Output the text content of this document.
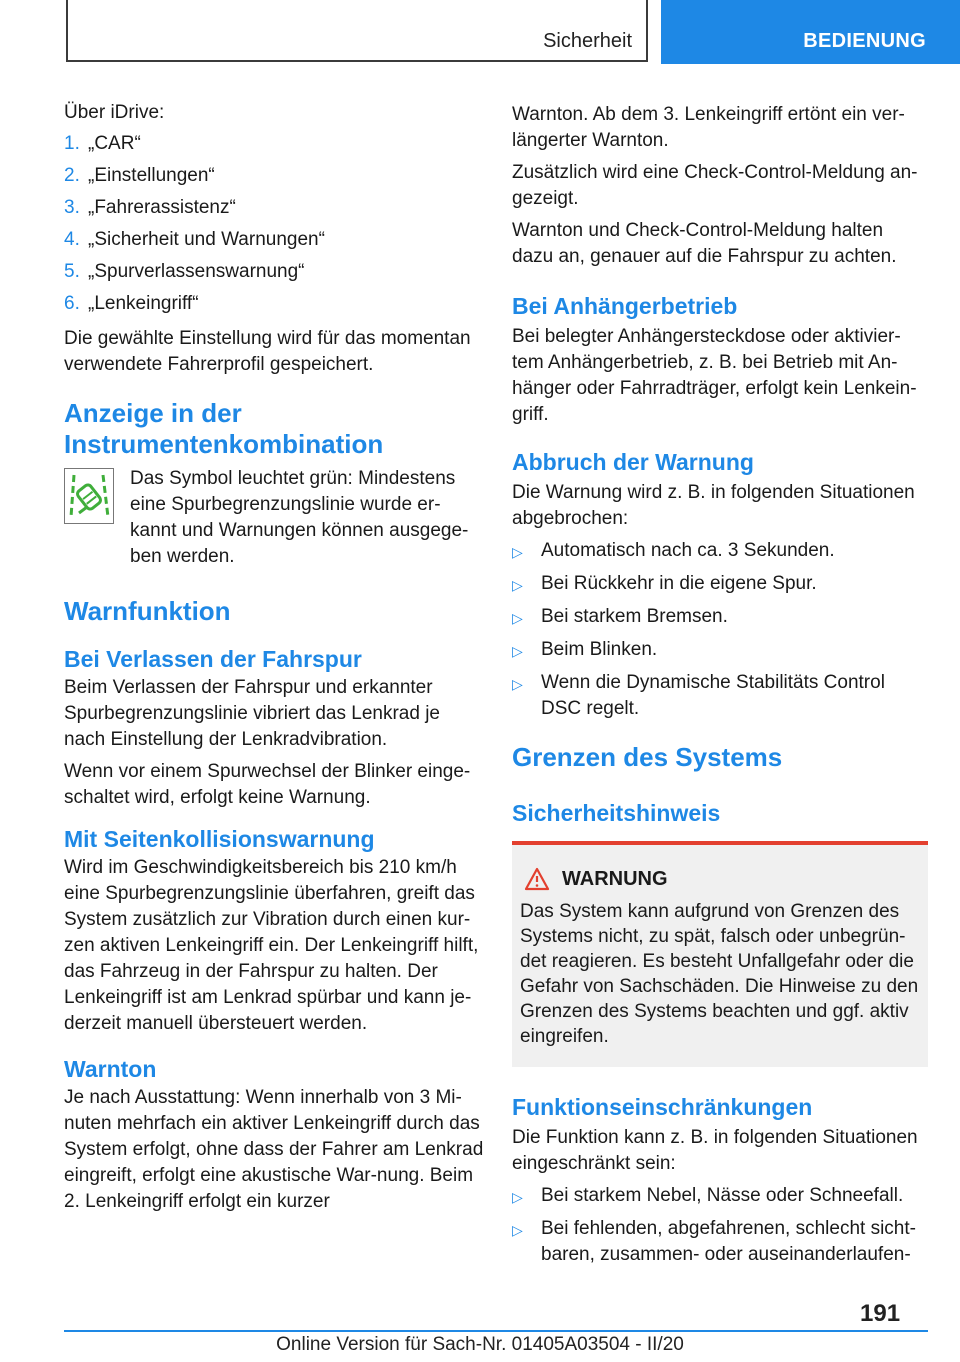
Sicherheit	BEDIENUNG

Über iDrive:

1. „CAR“
2. „Einstellungen“
3. „Fahrerassistenz“
4. „Sicherheit und Warnungen“
5. „Spurverlassenswarnung“
6. „Lenkeingriff“

Die gewählte Einstellung wird für das momentan verwendete Fahrerprofil gespeichert.

Anzeige in der Instrumentenkombination

Das Symbol leuchtet grün: Mindestens eine Spurbegrenzungslinie wurde er-kannt und Warnungen können ausgege-ben werden.

Warnfunktion
Bei Verlassen der Fahrspur

Beim Verlassen der Fahrspur und erkannter Spurbegrenzungslinie vibriert das Lenkrad je nach Einstellung der Lenkradvibration.

Wenn vor einem Spurwechsel der Blinker einge-schaltet wird, erfolgt keine Warnung.

Mit Seitenkollisionswarnung

Wird im Geschwindigkeitsbereich bis 210 km/h eine Spurbegrenzungslinie überfahren, greift das System zusätzlich zur Vibration durch einen kur-zen aktiven Lenkeingriff ein. Der Lenkeingriff hilft, das Fahrzeug in der Fahrspur zu halten. Der Lenkeingriff ist am Lenkrad spürbar und kann je-derzeit manuell übersteuert werden.

Warnton

Je nach Ausstattung: Wenn innerhalb von 3 Mi-nuten mehrfach ein aktiver Lenkeingriff durch das System erfolgt, ohne dass der Fahrer am Lenkrad eingreift, erfolgt eine akustische War-nung. Beim 2. Lenkeingriff erfolgt ein kurzer

Warnton. Ab dem 3. Lenkeingriff ertönt ein ver-längerter Warnton.

Zusätzlich wird eine Check-Control-Meldung an-gezeigt.

Warnton und Check-Control-Meldung halten dazu an, genauer auf die Fahrspur zu achten.

Bei Anhängerbetrieb

Bei belegter Anhängersteckdose oder aktivier-tem Anhängerbetrieb, z. B. bei Betrieb mit An-hänger oder Fahrradträger, erfolgt kein Lenkein-griff.

Abbruch der Warnung

Die Warnung wird z. B. in folgenden Situationen abgebrochen:

▷ Automatisch nach ca. 3 Sekunden.
▷ Bei Rückkehr in die eigene Spur.
▷ Bei starkem Bremsen.
▷ Beim Blinken.
▷ Wenn die Dynamische Stabilitäts Control DSC regelt.
Grenzen des Systems
Sicherheitshinweis
WARNUNG

Das System kann aufgrund von Grenzen des Systems nicht, zu spät, falsch oder unbegrün-det reagieren. Es besteht Unfallgefahr oder die Gefahr von Sachschäden. Die Hinweise zu den Grenzen des Systems beachten und ggf. aktiv eingreifen.

Funktionseinschränkungen

Die Funktion kann z. B. in folgenden Situationen eingeschränkt sein:

▷ Bei starkem Nebel, Nässe oder Schneefall.
▷ Bei fehlenden, abgefahrenen, schlecht sicht-baren, zusammen- oder auseinanderlaufen-
191
Online Version für Sach-Nr. 01405A03504 - II/20
